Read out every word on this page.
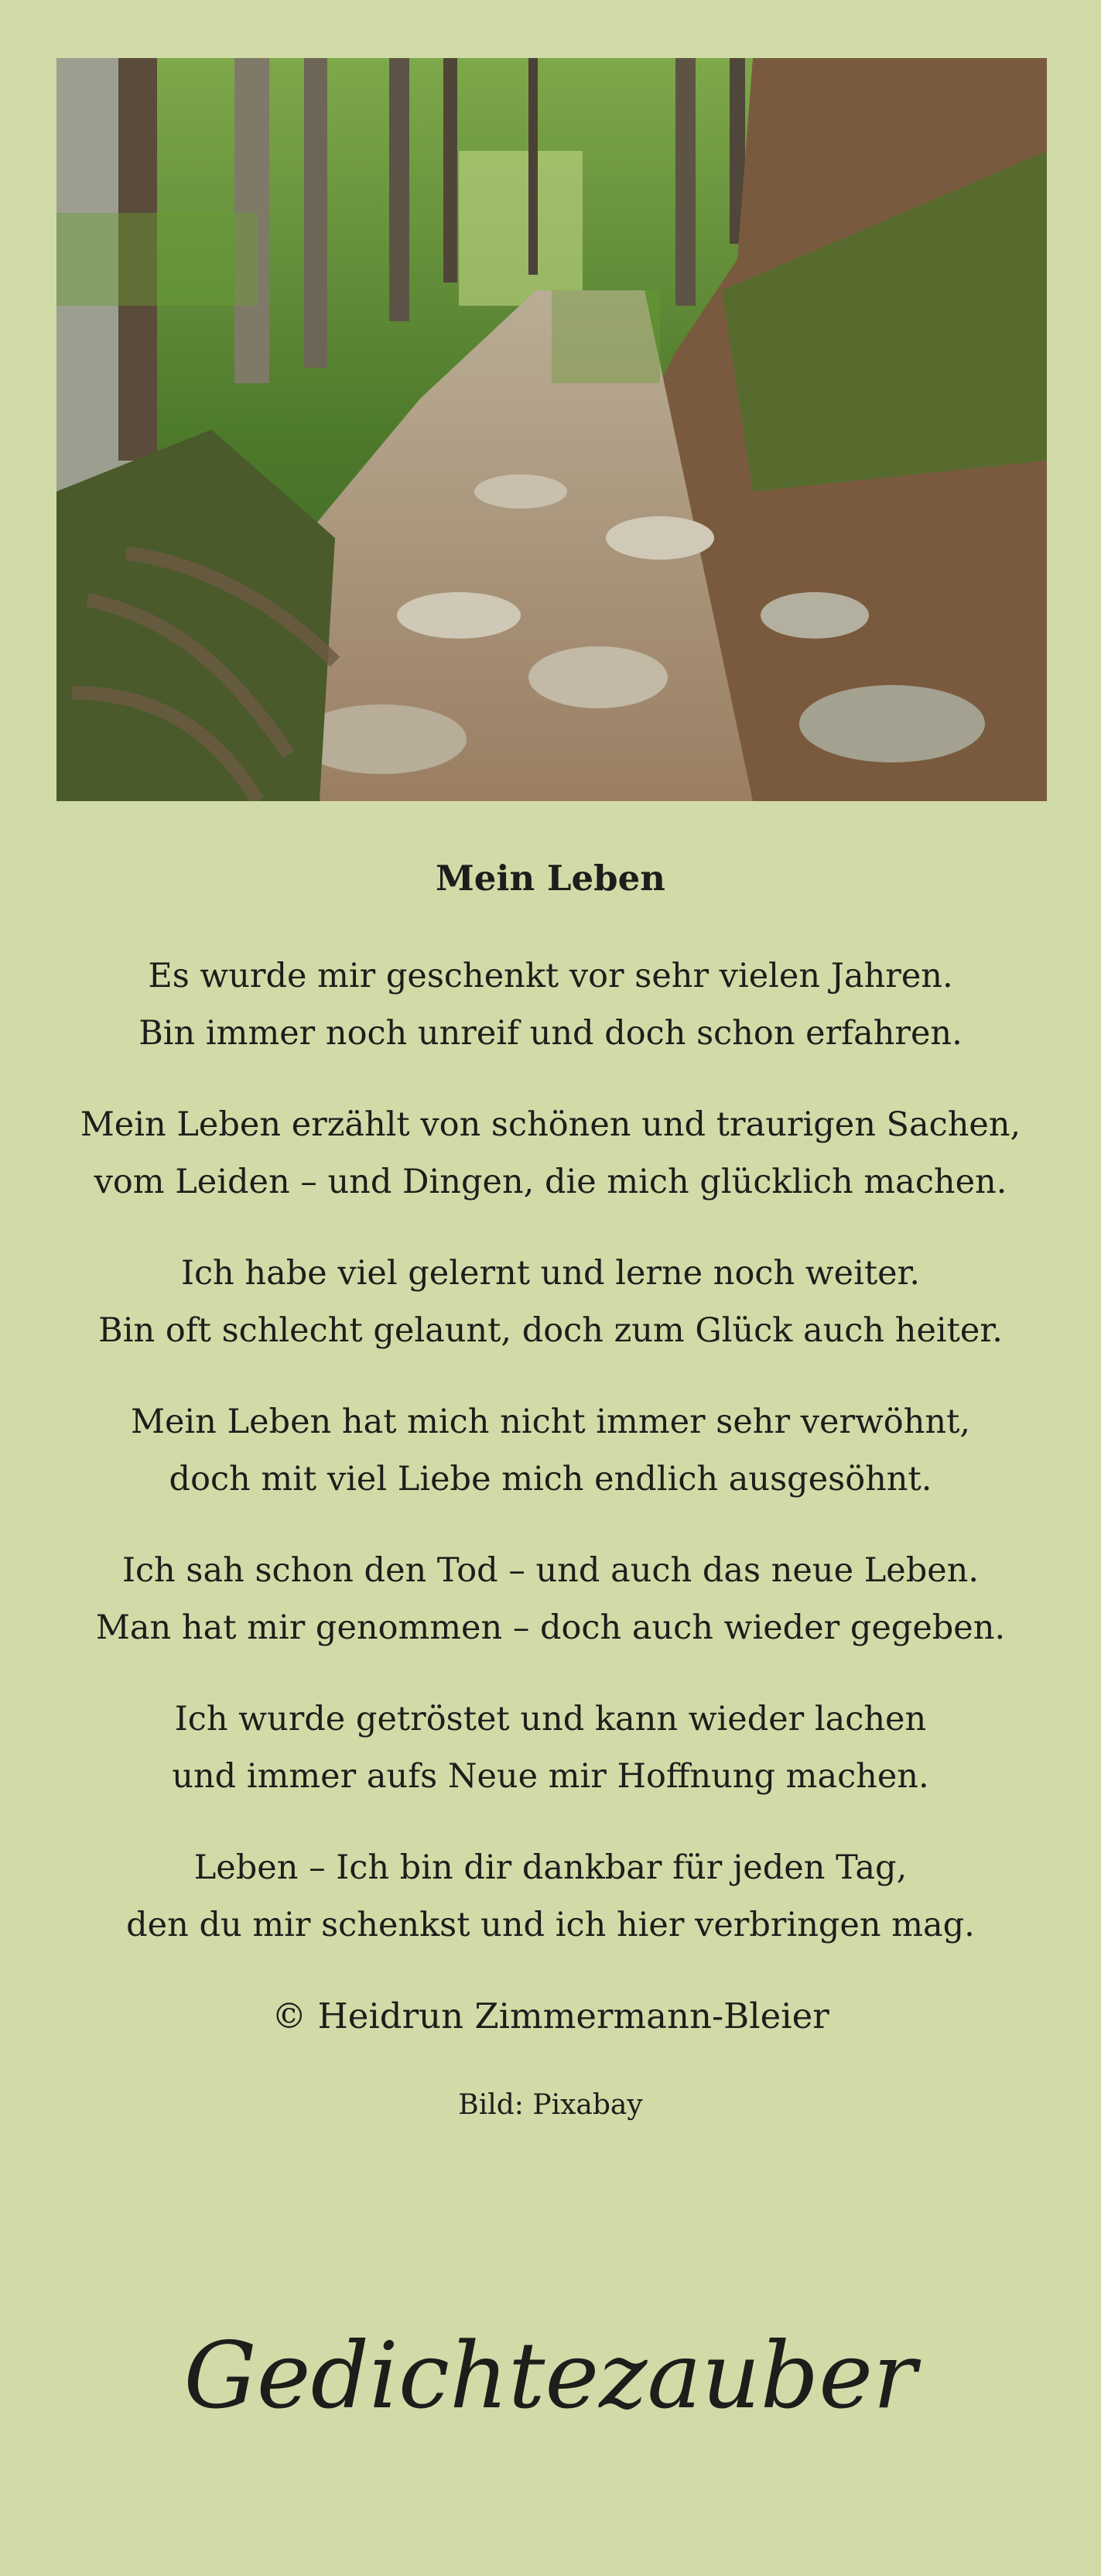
Mein Leben
Es wurde mir geschenkt vor sehr vielen Jahren.
Bin immer noch unreif und doch schon erfahren.
Mein Leben erzählt von schönen und traurigen Sachen,
vom Leiden – und Dingen, die mich glücklich machen.
Ich habe viel gelernt und lerne noch weiter.
Bin oft schlecht gelaunt, doch zum Glück auch heiter.
Mein Leben hat mich nicht immer sehr verwöhnt,
doch mit viel Liebe mich endlich ausgesöhnt.
Ich sah schon den Tod – und auch das neue Leben.
Man hat mir genommen – doch auch wieder gegeben.
Ich wurde getröstet und kann wieder lachen
und immer aufs Neue mir Hoffnung machen.
Leben – Ich bin dir dankbar für jeden Tag,
den du mir schenkst und ich hier verbringen mag.
© Heidrun Zimmermann-Bleier
Bild: Pixabay
Gedichtezauber
